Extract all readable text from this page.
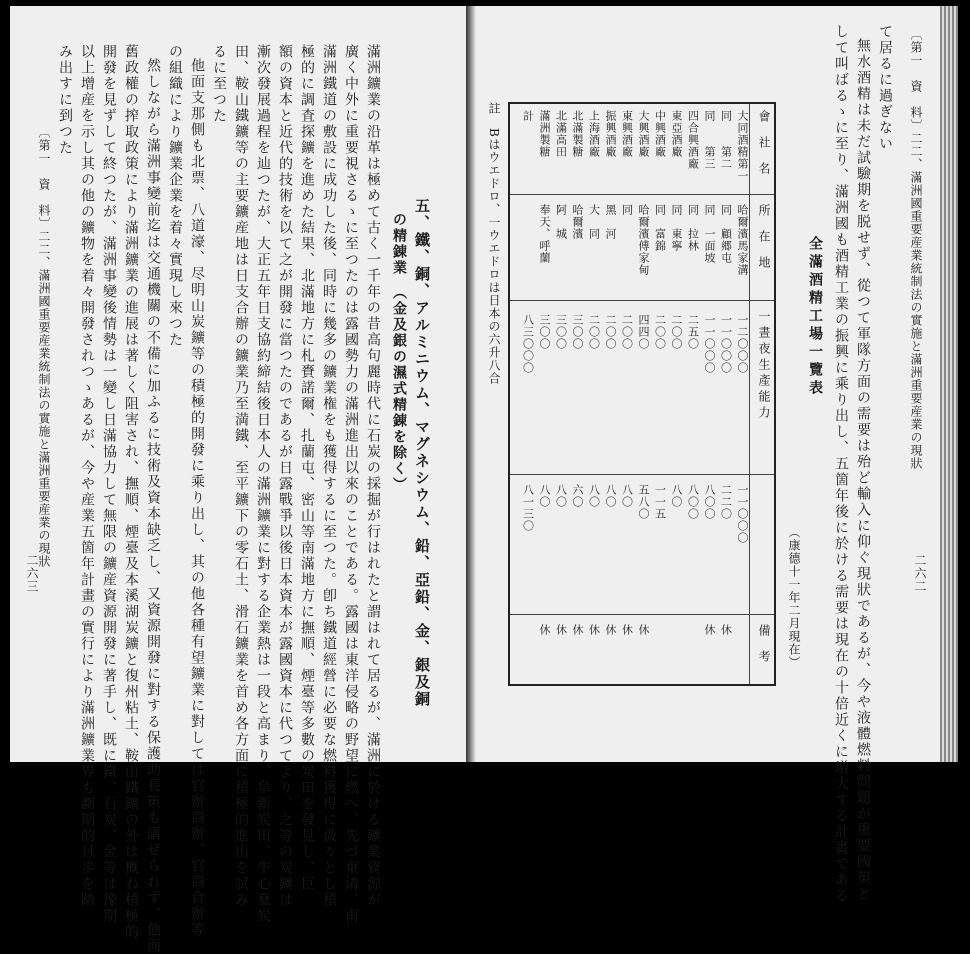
二六三
〔第一　資　料〕二二、滿洲國重要産業統制法の實施と滿洲重要産業の現狀	五、鐵、銅、アルミニウム、マグネシウム、鉛、亞鉛、金、銀及銅
の精錬業　（金及銀の濕式精錬を除く）
滿洲鑛業の沿革は極めて古く一千年の昔高句麗時代に石炭の採掘が行はれたと謂はれて居るが、滿洲に於ける鑛業資源が
廣く中外に重要視さるゝに至つたのは露國勢力の滿洲進出以來のことである。露國は東洋侵略の野望に燃へ、先づ東清、南
滿洲鐵道の敷設に成功した後、同時に幾多の鑛業権をも獲得するに至つた。卽ち鐵道經營に必要な燃料獲得に汲々とし積
極的に調査探鑛を進めた結果、北滿地方に札賚諾爾、扎蘭屯、密山等南滿地方に撫順、煙臺等多數の炭田を發見し、巨
額の資本と近代的技術を以て之が開發に當つたのであるが日露戰爭以後日本資本が露國資本に代つてより、之等の炭鑛は
漸次發展過程を辿つたが、大正五年日支協約締結後日本人の滿洲鑛業に對する企業熱は一段と高まり、阜新炭田、牛心臺炭
田、鞍山鐵鑛等の主要鑛産地は日支合辦の鑛業乃至満鐵、至平鑛下の零石土、滑石鑛業を首め各方面に積極的進出を試み
るに至つた
他面支那側も北票、八道濠、尽明山炭鑛等の積極的開發に乘り出し、其の他各種有望鑛業に對しては官辦商辦、官商合辦等
の組織により鑛業企業を着々實現し來つた
然しながら滿洲事變前迄は交通機關の不備に加ふるに技術及資本缺乏し、又資源開發に對する保護助長策も講ぜられず、他面
舊政權の搾取政策により滿洲鑛業の進展は著しく阻害され、撫順、煙臺及本溪湖炭鑛と復州粘土、鞍山鐵鑛の外は概ね積極的
開發を見ずして終つたが、滿洲事變後情勢は一變し日滿協力して無限の鑛産資源開發に著手し、既に鐵、石炭、金等は豫期
以上增産を示し其の他の鑛物を着々開發されつゝあるが、今や産業五箇年計畫の實行により滿洲鑛業界も劃期的旦歩を踏
み出すに到つた	〔第一　資　料〕二二、滿洲國重要産業統制法の實施と滿洲重要産業の現狀
二六二
て居るに過ぎない
無水酒精は未だ試驗期を脱せず、從つて軍隊方面の需要は殆ど輸入に仰ぐ現狀であるが、今や液體燃料問題が重要國策と
して叫ばるゝに至り、滿洲國も酒精工業の振興に乘り出し、五箇年後に於ける需要は現在の十倍近くに増大する計畫である
全滿酒精工場一覽表
（康德十一年二月現在）
會　社　名
所　在　地
一晝夜生產能力
備　考
大同酒精第一
哈爾濱馬家溝
一二〇〇〇
一一〇〇〇
同　　第二
同　顧郷屯
一一〇〇〇
二二〇
休
同　　第三
同　一面坡
一一〇〇〇
八〇〇
休
四合興酒廠
同　拉林
二五〇
八〇〇
東亞酒廠
同　東寧
二〇〇
八〇
中興酒廠
同　富錦
二〇〇
一一五
大興酒廠
哈爾濱傅家甸
四四〇
五八〇
休
東興酒廠
同
二〇〇
八〇
休
振興酒廠
黑　河
二〇〇
八〇
休
上海酒廠
大　同
二〇〇
八〇
休
北滿製糖
哈爾濱
三〇〇
六〇
休
北滿高田
阿　城
三〇〇
八〇
休
滿洲製糖
奉天、呼蘭
三〇〇
八〇
休
計
八三〇〇〇
八一三〇
註　Bはウエドロ、一ウエドロは日本の六升八合
